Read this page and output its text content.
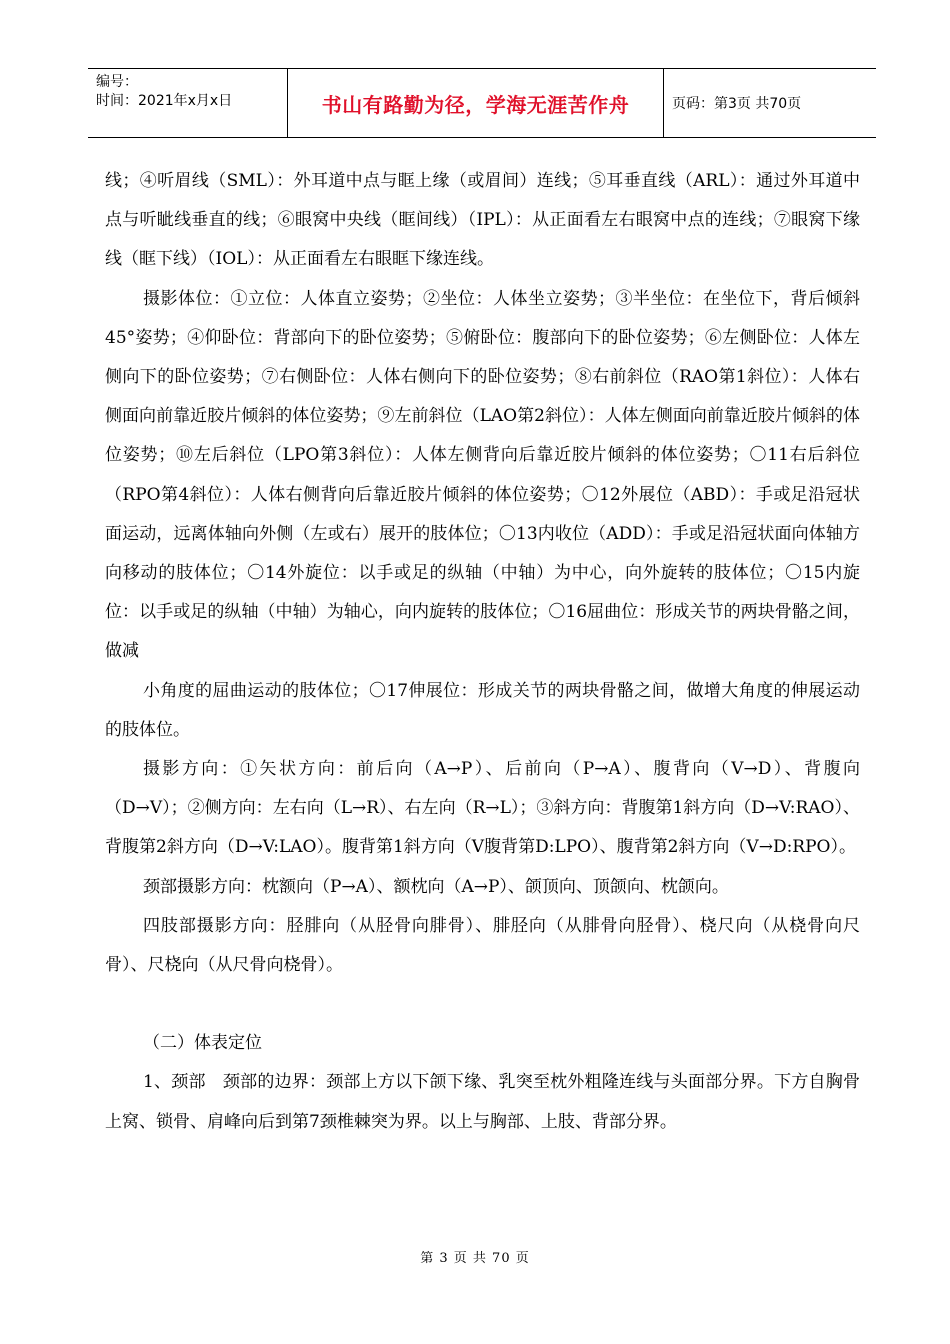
编号：
时间：2021年x月x日	书山有路勤为径，学海无涯苦作舟	页码：第3页 共70页

线；④听眉线（SML）：外耳道中点与眶上缘（或眉间）连线；⑤耳垂直线（ARL）：通过外耳道中点与听眦线垂直的线；⑥眼窝中央线（眶间线）（IPL）：从正面看左右眼窝中点的连线；⑦眼窝下缘线（眶下线）（IOL）：从正面看左右眼眶下缘连线。

摄影体位：①立位：人体直立姿势；②坐位：人体坐立姿势；③半坐位：在坐位下，背后倾斜45°姿势；④仰卧位：背部向下的卧位姿势；⑤俯卧位：腹部向下的卧位姿势；⑥左侧卧位：人体左侧向下的卧位姿势；⑦右侧卧位：人体右侧向下的卧位姿势；⑧右前斜位（RAO第1斜位）：人体右侧面向前靠近胶片倾斜的体位姿势；⑨左前斜位（LAO第2斜位）：人体左侧面向前靠近胶片倾斜的体位姿势；⑩左后斜位（LPO第3斜位）：人体左侧背向后靠近胶片倾斜的体位姿势；〇11右后斜位（RPO第4斜位）：人体右侧背向后靠近胶片倾斜的体位姿势；〇12外展位（ABD）：手或足沿冠状面运动，远离体轴向外侧（左或右）展开的肢体位；〇13内收位（ADD）：手或足沿冠状面向体轴方向移动的肢体位；〇14外旋位：以手或足的纵轴（中轴）为中心，向外旋转的肢体位；〇15内旋位：以手或足的纵轴（中轴）为轴心，向内旋转的肢体位；〇16屈曲位：形成关节的两块骨骼之间，做减

小角度的屈曲运动的肢体位；〇17伸展位：形成关节的两块骨骼之间，做增大角度的伸展运动的肢体位。

摄影方向：①矢状方向：前后向（A→P）、后前向（P→A）、腹背向（V→D）、背腹向（D→V）；②侧方向：左右向（L→R）、右左向（R→L）；③斜方向：背腹第1斜方向（D→V:RAO）、背腹第2斜方向（D→V:LAO）。腹背第1斜方向（V腹背第D:LPO）、腹背第2斜方向（V→D:RPO）。

颈部摄影方向：枕额向（P→A）、额枕向（A→P）、颌顶向、顶颌向、枕颌向。

四肢部摄影方向：胫腓向（从胫骨向腓骨）、腓胫向（从腓骨向胫骨）、桡尺向（从桡骨向尺骨）、尺桡向（从尺骨向桡骨）。

（二）体表定位

1、颈部　颈部的边界：颈部上方以下颌下缘、乳突至枕外粗隆连线与头面部分界。下方自胸骨上窝、锁骨、肩峰向后到第7颈椎棘突为界。以上与胸部、上肢、背部分界。

第 3 页 共 70 页
